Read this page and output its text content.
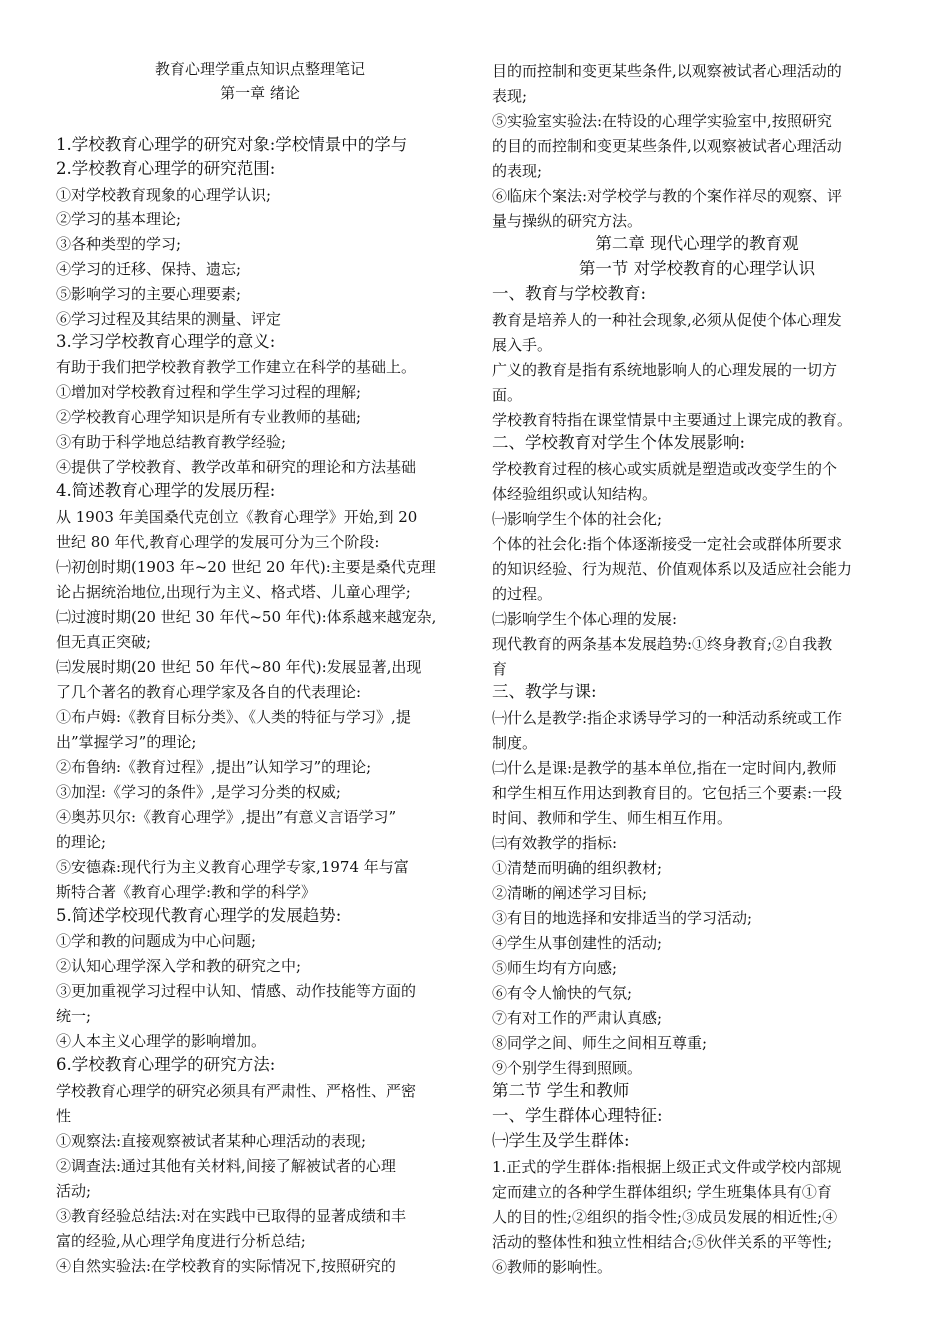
教育心理学重点知识点整理笔记
第一章 绪论
1.学校教育心理学的研究对象:学校情景中的学与
2.学校教育心理学的研究范围:
①对学校教育现象的心理学认识;
②学习的基本理论;
③各种类型的学习;
④学习的迁移、保持、遗忘;
⑤影响学习的主要心理要素;
⑥学习过程及其结果的测量、评定
3.学习学校教育心理学的意义:
有助于我们把学校教育教学工作建立在科学的基础上。
①增加对学校教育过程和学生学习过程的理解;
②学校教育心理学知识是所有专业教师的基础;
③有助于科学地总结教育教学经验;
④提供了学校教育、教学改革和研究的理论和方法基础
4.简述教育心理学的发展历程:
从 1903 年美国桑代克创立《教育心理学》开始,到 20
世纪 80 年代,教育心理学的发展可分为三个阶段:
㈠初创时期(1903 年~20 世纪 20 年代):主要是桑代克理
论占据统治地位,出现行为主义、格式塔、儿童心理学;
㈡过渡时期(20 世纪 30 年代~50 年代):体系越来越宠杂,
但无真正突破;
㈢发展时期(20 世纪 50 年代~80 年代):发展显著,出现
了几个著名的教育心理学家及各自的代表理论:
①布卢姆:《教育目标分类》、《人类的特征与学习》,提
出”掌握学习”的理论;
②布鲁纳:《教育过程》,提出”认知学习”的理论;
③加涅:《学习的条件》,是学习分类的权威;
④奥苏贝尔:《教育心理学》,提出”有意义言语学习”
的理论;
⑤安德森:现代行为主义教育心理学专家,1974 年与富
斯特合著《教育心理学:教和学的科学》
5.简述学校现代教育心理学的发展趋势:
①学和教的问题成为中心问题;
②认知心理学深入学和教的研究之中;
③更加重视学习过程中认知、情感、动作技能等方面的
统一;
④人本主义心理学的影响增加。
6.学校教育心理学的研究方法:
学校教育心理学的研究必须具有严肃性、严格性、严密
性
①观察法:直接观察被试者某种心理活动的表现;
②调查法:通过其他有关材料,间接了解被试者的心理
活动;
③教育经验总结法:对在实践中已取得的显著成绩和丰
富的经验,从心理学角度进行分析总结;
④自然实验法:在学校教育的实际情况下,按照研究的
目的而控制和变更某些条件,以观察被试者心理活动的
表现;
⑤实验室实验法:在特设的心理学实验室中,按照研究
的目的而控制和变更某些条件,以观察被试者心理活动
的表现;
⑥临床个案法:对学校学与教的个案作祥尽的观察、评
量与操纵的研究方法。
第二章 现代心理学的教育观
第一节 对学校教育的心理学认识
一、教育与学校教育:
教育是培养人的一种社会现象,必须从促使个体心理发
展入手。
广义的教育是指有系统地影响人的心理发展的一切方
面。
学校教育特指在课堂情景中主要通过上课完成的教育。
二、学校教育对学生个体发展影响:
学校教育过程的核心或实质就是塑造或改变学生的个
体经验组织或认知结构。
㈠影响学生个体的社会化;
个体的社会化:指个体逐渐接受一定社会或群体所要求
的知识经验、行为规范、价值观体系以及适应社会能力
的过程。
㈡影响学生个体心理的发展:
现代教育的两条基本发展趋势:①终身教育;②自我教
育
三、教学与课:
㈠什么是教学:指企求诱导学习的一种活动系统或工作
制度。
㈡什么是课:是教学的基本单位,指在一定时间内,教师
和学生相互作用达到教育目的。它包括三个要素:一段
时间、教师和学生、师生相互作用。
㈢有效教学的指标:
①清楚而明确的组织教材;
②清晰的阐述学习目标;
③有目的地选择和安排适当的学习活动;
④学生从事创建性的活动;
⑤师生均有方向感;
⑥有令人愉快的气氛;
⑦有对工作的严肃认真感;
⑧同学之间、师生之间相互尊重;
⑨个别学生得到照顾。
第二节 学生和教师
一、学生群体心理特征:
㈠学生及学生群体:
1.正式的学生群体:指根据上级正式文件或学校内部规
定而建立的各种学生群体组织; 学生班集体具有①育
人的目的性;②组织的指令性;③成员发展的相近性;④
活动的整体性和独立性相结合;⑤伙伴关系的平等性;
⑥教师的影响性。
